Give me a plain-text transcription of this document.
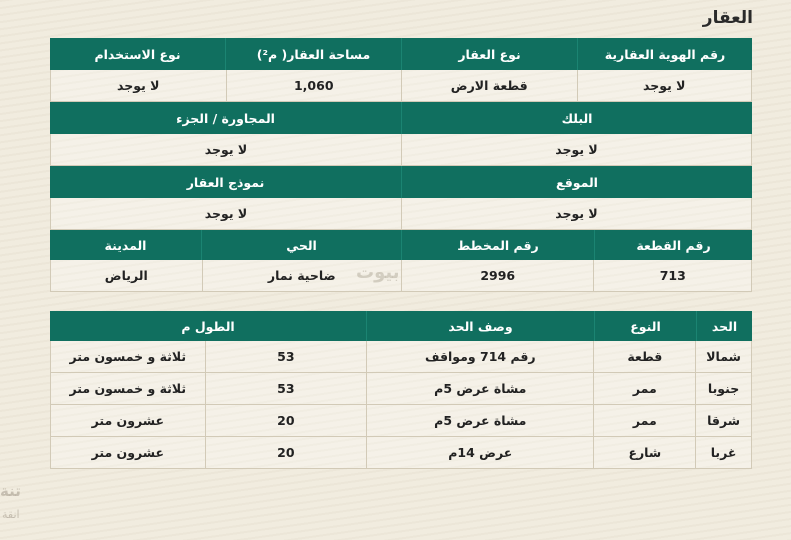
العقار
رقم الهوية العقارية
نوع العقار
مساحة العقار( م²)
نوع الاستخدام
لا يوجد
قطعة الارض
1,060
لا يوجد
البلك
المجاورة / الجزء
لا يوجد
لا يوجد
الموقع
نموذج العقار
لا يوجد
لا يوجد
رقم القطعة
رقم المخطط
الحي
المدينة
713
2996
ضاحية نمار
الرياض	بيوت
الحد
النوع
وصف الحد
الطول م
شمالا
قطعة
رقم 714 ومواقف
53
ثلاثة و خمسون متر
جنوبا
ممر
مشاة عرض 5م
53
ثلاثة و خمسون متر
شرقا
ممر
مشاة عرض 5م
20
عشرون متر
غربا
شارع
عرض 14م
20
عشرون متر
تنة
انقة
